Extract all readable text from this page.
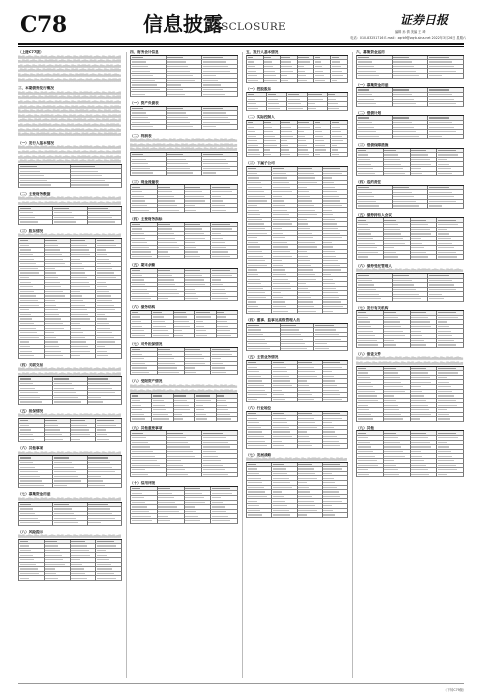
C78	信息披露
DISCLOSURE	证券日报
编辑 孙 倩 美编 王 琦
电话：010-83251716 E-mail：zqrb9@zqrb.sina.net 2022年3月26日 星期六
（上接C77版）
▇▆▇▅▆▇▆▅▇▆▅▇▆▇▅▆▇▆▅▇▆▇▅▆▇▆▅▇▆▅▇▆▇▇▆▇▅▆▇▆▅▇▆▅▇▆▇▅▆▇▆▅▇▆▇▅▆▇▆▅▇▆▅▇▆▇▇▆▇▅▆▇▆▅▇▆▅▇▆▇▅▆▇▆▅▇▆▇▅▆▇▆▅▇▆▅▇▆▇▇▆▇▅▆▇▆▅▇▆▅▇▆▇▅▆▇▆▅▇▆▇▅▆▇▆▅▇▆▅▇▆▇▇▆▇▅▆▇▆▅▇▆▅▇▆▇▅▆▇▆▅▇▆▇▅▆▇▆▅▇▆▅▇▆▇▇▆▇▅▆▇▆▅▇▆▅▇▆▇▅▆▇▆▅▇▆▇▅▆▇▆▅▇▆▅▇▆▇▇▆▇▅▆▇▆▅▇▆▅▇▆▇▅▆▇▆▅▇▆▇▅▆▇▆▅▇▆▅▇▆▇▇▆▇▅▆▇▆▅▇▆▅▇▆▇▅▆▇▆▅▇▆▇▅▆▇▆▅▇▆▅▇▆▇▇▆▇▅▆▇▆▅▇▆▅▇▆▇▅▆▇▆▅▇▆▇▅▆▇▆▅▇▆▅▇▆▇▇▆▇
三、本期债券发行概况
▇▆▇▅▆▇▆▅▇▆▅▇▆▇▅▆▇▆▅▇▆▇▅▆▇▆▅▇▆▅▇▆▇▇▆▇▅▆▇▆▅▇▆▅▇▆▇▅▆▇▆▅▇▆▇▅▆▇▆▅▇▆▅▇▆▇▇▆▇▅▆▇▆▅▇▆▅▇▆▇▅▆▇▆▅▇▆▇▅▆▇▆▅▇▆▅▇▆▇▇▆▇▅▆▇▆▅▇▆▅▇▆▇▅▆▇▆▅▇▆▇▅▆▇▆▅▇▆▅▇▆▇▇▆▇▅▆▇▆▅▇▆▅▇▆▇▅▆▇▆▅▇▆▇▅▆▇▆▅▇▆▅▇▆▇▇▆▇▅▆▇▆▅▇▆▅▇▆▇▅▆▇▆▅▇▆▇▅▆▇▆▅▇▆▅▇▆▇▇▆▇▅▆▇▆▅▇▆▅▇▆▇▅▆▇▆▅▇▆▇▅▆▇▆▅▇▆▅▇▆▇▇▆▇▅▆▇▆▅▇▆▅▇▆▇▅▆▇▆▅▇▆▇▅▆▇▆▅▇▆▅▇▆▇▇▆▇▅▆▇▆▅▇▆▅▇▆▇▅▆▇▆▅▇▆▇▅▆▇▆▅▇▆▅▇▆▇▇▆▇▅▆▇▆▅▇▆▅▇▆▇▅▆▇▆▅▇▆▇▅▆▇▆▅▇▆▅▇▆▇▇▆▇▅▆▇▆▅▇▆▅▇▆▇▅▆▇▆▅▇▆▇▅▆▇▆▅▇▆▅▇▆▇▇▆▇▅▆▇▆▅▇▆▅▇▆▇▅▆▇▆▅▇▆▇▅▆▇▆▅▇▆▅▇▆▇▇▆▇▅▆▇▆▅▇▆▅▇▆▇▅▆▇▆▅▇▆▇▅▆▇▆▅▇▆▅▇▆▇▇▆▇▅▆▇▆▅▇▆▅▇▆▇▅▆▇▆▅▇▆▇▅▆▇▆▅▇▆▅▇▆▇▇▆▇▅▆▇▆▅▇▆▅▇▆▇▅▆▇▆▅▇▆▇▅▆▇▆▅▇▆▅▇▆▇▇▆▇▅▆
（一）发行人基本情况
▇▆▇▅▆▇▆▅▇▆▅▇▆▇▅▆▇▆▅▇▆▇▅▆▇▆▅▇▆▅▇▆▇▇▆▇▅▆▇▆▅▇▆▅▇▆▇▅▆▇▆▅▇▆▇▅▆▇▆▅▇▆▅▇▆▇▇▆▇▅▆▇▆▅▇▆▅▇▆▇▅▆▇▆▅▇▆▇▅▆▇▆▅▇▆▅▇▆▇▇▆▇▅▆▇▆▅▇▆▅▇▆▇▅▆▇▆▅▇▆▇▅▆▇▆▅▇▆▅▇▆▇▇▆▇▅▆▇▆▅▇▆▅▇▆▇▅▆▇▆▅▇▆▇▅▆▇▆▅▇▆▅▇▆▇▇▆▇▅▆▇▆▅▇▆▅▇▆▇▅▆▇▆▅▇▆▇▅▆▇▆▅▇▆▅▇▆▇▇▆
（二）主要财务数据
▇▆▇▅▆▇▆▅▇▆▅▇▆▇▅▆▇▆▅▇▆▇▅▆▇▆▅▇▆▅▇▆▇▇▆▇▅▆▇▆▅▇▆▅▇▆▇▅▆▇▆▅▇▆▇▅▆▇▆▅▇▆▅▇▆▇▇▆▇▅▆▇▆▅▇▆▅▇▆▇▅▆▇▆▅▇▆▇▅▆▇▆▅▇▆▅▇▆▇▇
（三）股东情况
▇▆▇▅▆▇▆▅▇▆▅▇▆▇▅▆▇▆▅▇▆▇▅▆▇▆▅▇▆▅▇▆▇▇▆▇▅▆▇▆▅▇▆▅▇▆▇▅▆▇
（四）关联交易
▇▆▇▅▆▇▆▅▇▆▅▇▆▇▅▆▇▆▅▇▆▇▅▆▇▆▅▇▆▅▇▆▇▇▆▇▅▆▇▆▅▇▆▅▇▆▇▅▆▇▆▅▇▆▇▅▆▇▆▅▇▆▅▇▆▇▇▆▇▅▆▇▆▅▇▆▅▇▆▇▅▆▇▆▅▇▆▇▅▆▇▆▅▇▆▅▇▆▇▇
（五）担保情况
▇▆▇▅▆▇▆▅▇▆▅▇▆▇▅▆▇▆▅▇▆▇▅▆▇▆▅▇▆▅▇▆▇▇▆▇▅▆▇▆▅▇▆▅▇▆▇▅▆▇
（六）其他事项
▇▆▇▅▆▇▆▅▇▆▅▇▆▇▅▆▇▆▅▇▆▇▅▆▇▆▅▇▆▅▇▆▇▇▆▇▅▆▇▆▅▇▆▅▇▆▇▅▆▇
（七）募集资金用途
▇▆▇▅▆▇▆▅▇▆▅▇▆▇▅▆▇▆▅▇▆▇▅▆▇▆▅▇▆▅▇▆▇▇▆▇▅▆▇▆▅▇▆▅▇▆▇▅▆▇
（八）风险提示
▇▆▇▅▆▇▆▅▇▆▅▇▆▇▅▆▇▆▅▇▆▇▅▆▇▆▅▇▆▅▇▆▇▇▆▇▅▆▇▆▅▇▆▅▇▆▇▅▆▇
四、财务会计信息
（一）资产负债表
（二）利润表
▇▆▇▅▆▇▆▅▇▆▅▇▆▇▅▆▇▆▅▇▆▇▅▆▇▆▅▇▆▅▇▆▇▇▆▇▅▆▇▆▅▇▆▅▇▆▇▅▆▇▆▅▇▆▇▅▆▇▆▅▇▆▅▇▆▇▇▆▇▅▆▇▆▅▇▆▅▇▆▇▅▆▇▆▅▇▆▇▅▆▇▆▅▇▆▅▇▆▇▇▆▇▅▆▇▆▅▇▆▅▇▆▇▅▆▇▆▅▇▆▇▅▆▇▆▅▇▆▅▇▆▇▇▆▇▅▆▇▆▅▇▆▅▇▆▇▅▆▇▆▅▇▆▇▅▆
（三）现金流量表
（四）主要财务指标
（五）期末余额
（六）债务结构
（七）对外担保情况
（八）受限资产情况
▇▆▇▅▆▇▆▅▇▆▅▇▆▇▅▆▇▆▅▇▆▇▅▆▇▆▅▇▆▅▇▆▇▇▆▇▅▆▇▆▅▇▆▅▇▆▇▅▆▇▆▅▇▆▇▅▆▇▆▅▇▆▅▇▆▇▇▆▇▅▆▇▆▅▇▆▅▇▆▇▅▆▇▆▅▇▆▇▅▆▇▆▅▇▆▅▇▆▇▇▆▇▅▆
（九）其他重要事项
（十）信用评级
五、发行人基本情况
（一）控股股东
（二）实际控制人
（三）下属子公司
（四）董事、监事及高级管理人员
（五）主营业务情况
（六）行业地位
（七）发展战略
▇▆▇▅▆▇▆▅▇▆▅▇▆▇▅▆▇▆▅▇▆▇▅▆▇▆▅▇▆▅▇▆▇▇▆▇▅▆▇▆▅▇▆▅▇▆▇▅▆
六、募集资金运用
（一）募集资金用途
（二）偿债计划
（三）偿债保障措施
（四）违约责任
（五）债券持有人会议
（六）债券受托管理人
▇▆▇▅▆▇▆▅▇▆▅▇▆▇▅▆▇▆▅▇▆▇▅▆▇▆▅▇▆▅▇▆▇▇▆▇▅▆▇▆▅▇▆▅▇▆▇▅▆▇▆▅
（七）发行有关机构
（八）备查文件
▇▆▇▅▆▇▆▅▇▆▅▇▆▇▅▆▇▆▅▇▆▇▅▆▇▆▅▇▆▅▇▆▇▇▆▇▅▆▇▆▅▇▆▅▇▆▇▅▆▇▆▅▇▆▇▅▆▇▆▅▇▆▅▇▆▇▇▆▇▅▆▇▆▅▇▆▅▇▆▇▅▆▇▆▅▇▆▇▅▆▇▆▅▇▆▅▇▆▇▇▆▇▅▆
（九）其他
（下转C79版）
